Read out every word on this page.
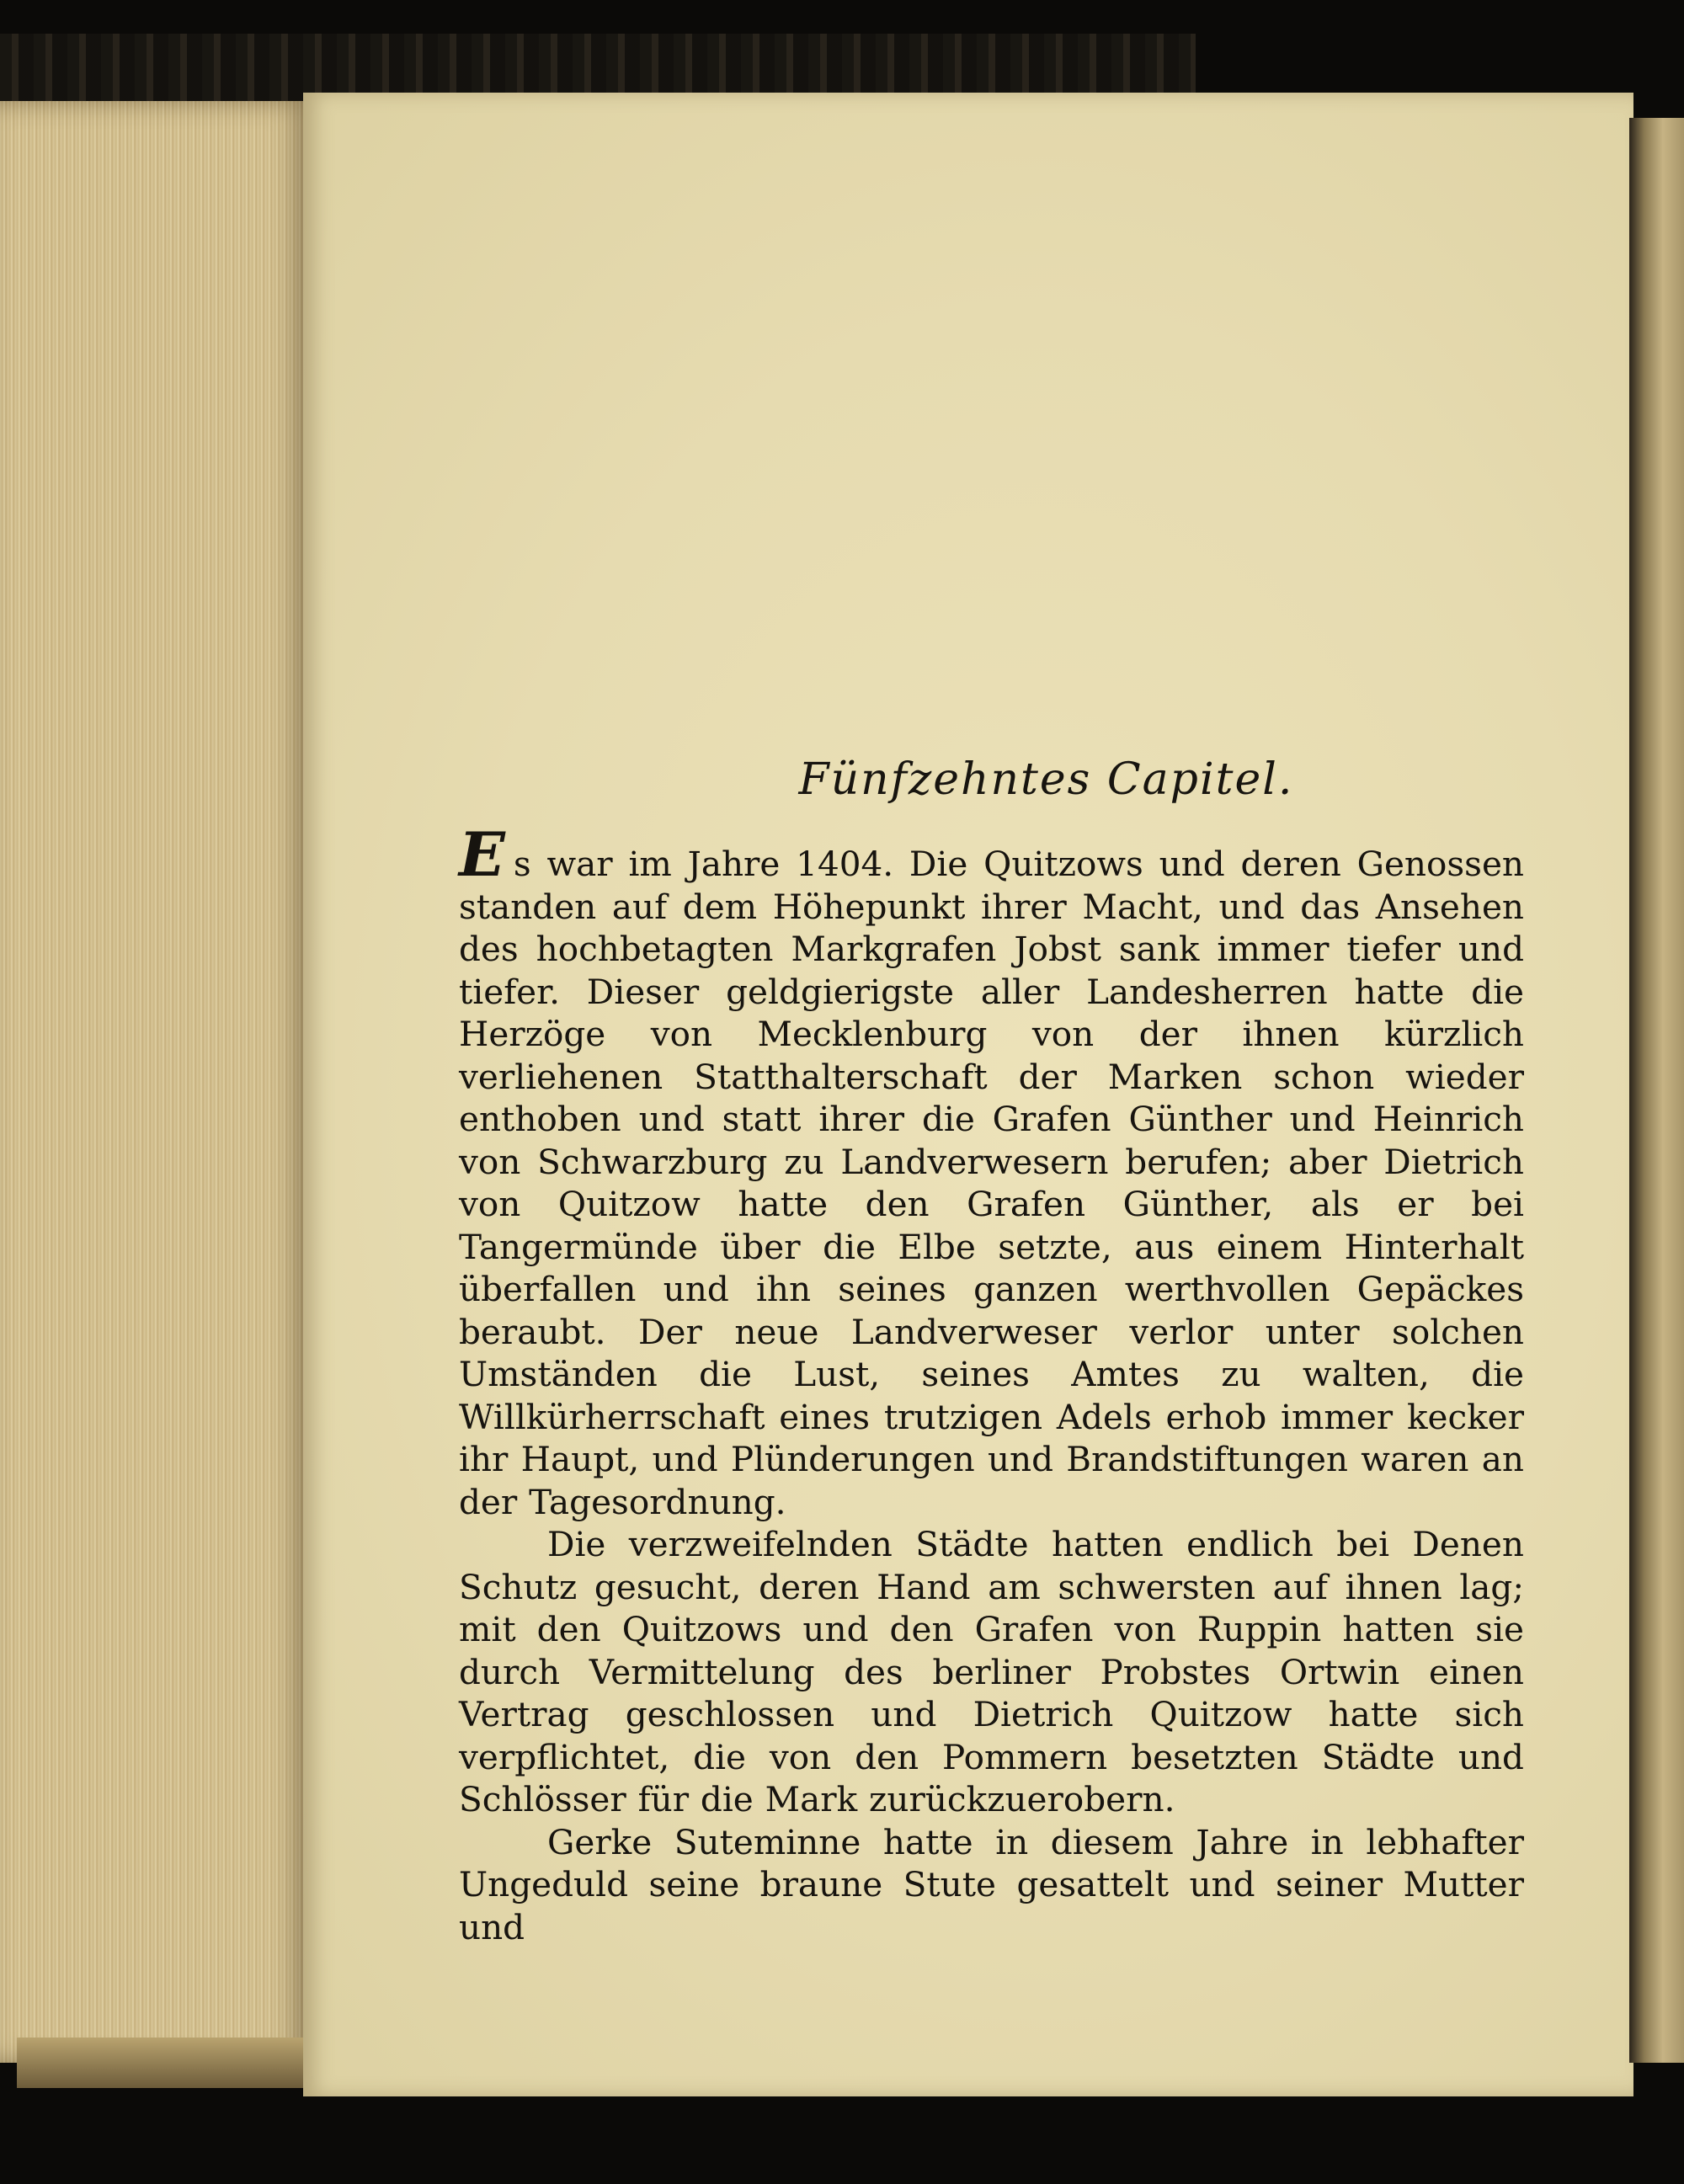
Fünfzehntes Capitel.

Es war im Jahre 1404. Die Quitzows und deren Genossen standen auf dem Höhepunkt ihrer Macht, und das Ansehen des hochbetagten Markgrafen Jobst sank immer tiefer und tiefer. Dieser geldgierigste aller Landesherren hatte die Herzöge von Mecklenburg von der ihnen kürzlich verliehenen Statthalterschaft der Marken schon wieder enthoben und statt ihrer die Grafen Günther und Heinrich von Schwarzburg zu Landverwesern berufen; aber Dietrich von Quitzow hatte den Grafen Günther, als er bei Tangermünde über die Elbe setzte, aus einem Hinterhalt überfallen und ihn seines ganzen werthvollen Gepäckes beraubt. Der neue Landverweser verlor unter solchen Umständen die Lust, seines Amtes zu walten, die Willkürherrschaft eines trutzigen Adels erhob immer kecker ihr Haupt, und Plünderungen und Brandstiftungen waren an der Tagesordnung.

Die verzweifelnden Städte hatten endlich bei Denen Schutz gesucht, deren Hand am schwersten auf ihnen lag; mit den Quitzows und den Grafen von Ruppin hatten sie durch Vermittelung des berliner Probstes Ortwin einen Vertrag geschlossen und Dietrich Quitzow hatte sich verpflichtet, die von den Pommern besetzten Städte und Schlösser für die Mark zurückzuerobern.

Gerke Suteminne hatte in diesem Jahre in lebhafter Ungeduld seine braune Stute gesattelt und seiner Mutter und
